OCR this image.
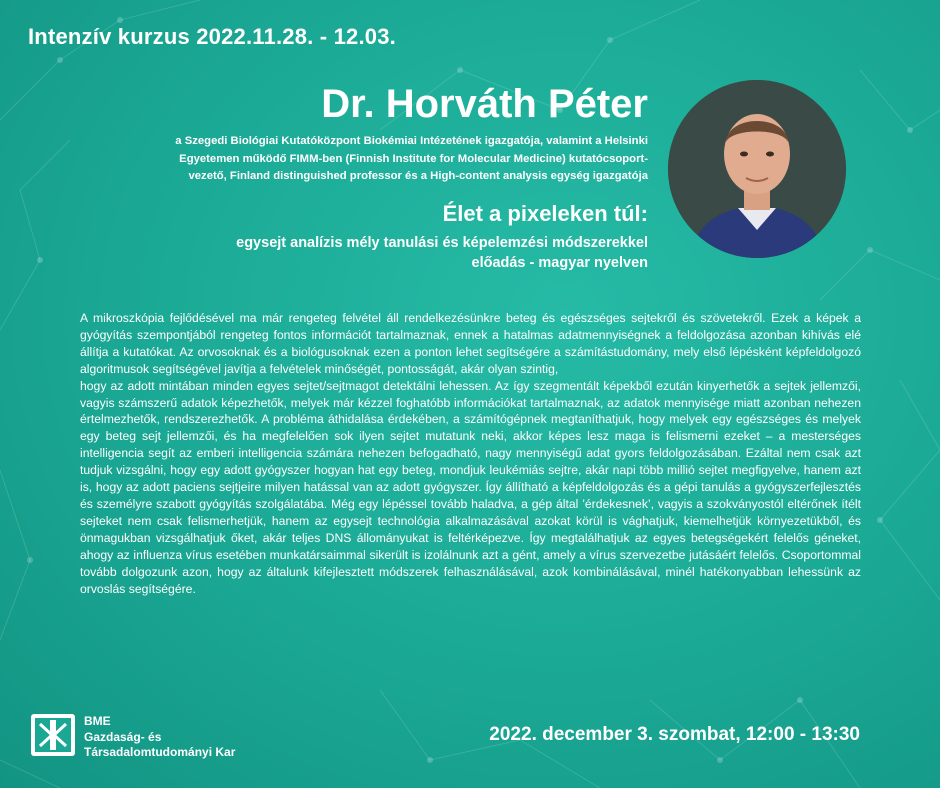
Intenzív kurzus 2022.11.28. - 12.03.
Dr. Horváth Péter
a Szegedi Biológiai Kutatóközpont Biokémiai Intézetének igazgatója, valamint a Helsinki
Egyetemen működő FIMM-ben (Finnish Institute for Molecular Medicine) kutatócsoport-
vezető, Finland distinguished professor és a High-content analysis egység igazgatója
Élet a pixeleken túl:
egysejt analízis mély tanulási és képelemzési módszerekkel
előadás - magyar nyelven

A mikroszkópia fejlődésével ma már rengeteg felvétel áll rendelkezésünkre beteg és egészséges sejtekről és szövetekről. Ezek a képek a gyógyítás szempontjából rengeteg fontos információt tartalmaznak, ennek a hatalmas adatmennyiségnek a feldolgozása azonban kihívás elé állítja a kutatókat. Az orvosoknak és a biológusoknak ezen a ponton lehet segítségére a számítástudomány, mely első lépésként képfeldolgozó algoritmusok segítségével javítja a felvételek minőségét, pontosságát, akár olyan szintig,

hogy az adott mintában minden egyes sejtet/sejtmagot detektálni lehessen. Az így szegmentált képekből ezután kinyerhetők a sejtek jellemzői, vagyis számszerű adatok képezhetők, melyek már kézzel foghatóbb információkat tartalmaznak, az adatok mennyisége miatt azonban nehezen értelmezhetők, rendszerezhetők. A probléma áthidalása érdekében, a számítógépnek megtaníthatjuk, hogy melyek egy egészséges és melyek egy beteg sejt jellemzői, és ha megfelelően sok ilyen sejtet mutatunk neki, akkor képes lesz maga is felismerni ezeket – a mesterséges intelligencia segít az emberi intelligencia számára nehezen befogadható, nagy mennyiségű adat gyors feldolgozásában. Ezáltal nem csak azt tudjuk vizsgálni, hogy egy adott gyógyszer hogyan hat egy beteg, mondjuk leukémiás sejtre, akár napi több millió sejtet megfigyelve, hanem azt is, hogy az adott paciens sejtjeire milyen hatással van az adott gyógyszer. Így állítható a képfeldolgozás és a gépi tanulás a gyógyszerfejlesztés és személyre szabott gyógyítás szolgálatába. Még egy lépéssel tovább haladva, a gép által ’érdekesnek’, vagyis a szokványostól eltérőnek ítélt sejteket nem csak felismerhetjük, hanem az egysejt technológia alkalmazásával azokat körül is vághatjuk, kiemelhetjük környezetükből, és önmagukban vizsgálhatjuk őket, akár teljes DNS állományukat is feltérképezve. Így megtalálhatjuk az egyes betegségekért felelős géneket, ahogy az influenza vírus esetében munkatársaimmal sikerült is izolálnunk azt a gént, amely a vírus szervezetbe jutásáért felelős. Csoportommal tovább dolgozunk azon, hogy az általunk kifejlesztett módszerek felhasználásával, azok kombinálásával, minél hatékonyabban lehessünk az orvoslás segítségére.

BME
Gazdaság- és
Társadalomtudományi Kar
2022. december 3. szombat, 12:00 - 13:30
